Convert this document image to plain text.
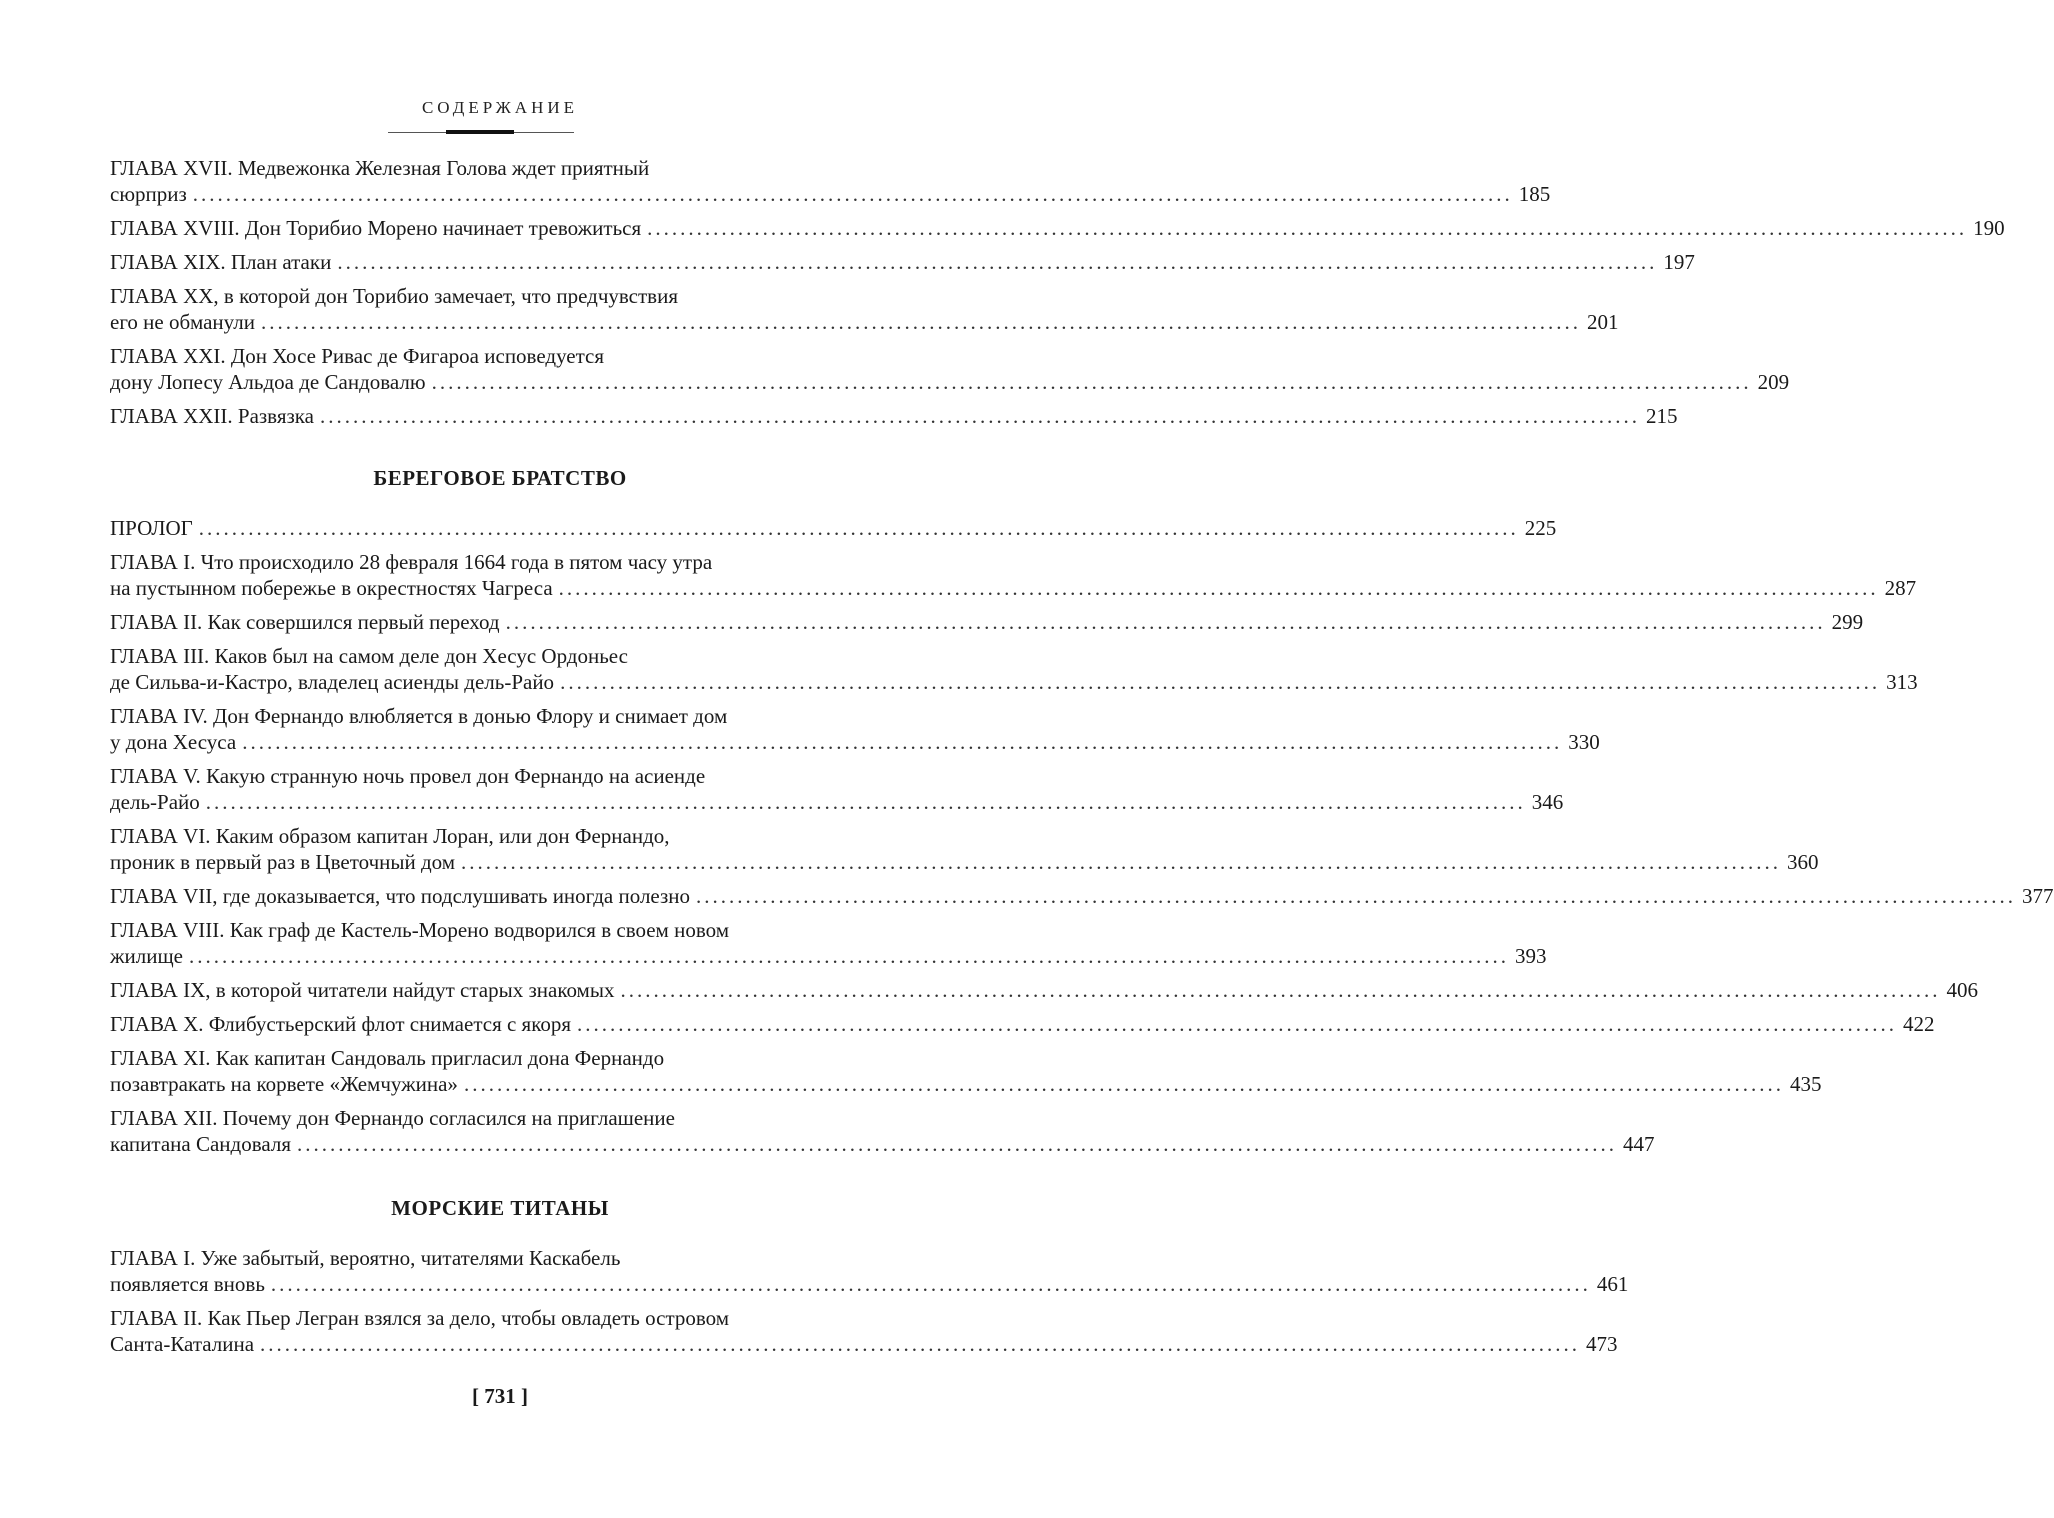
СОДЕРЖАНИЕ
ГЛАВА XVII. Медвежонка Железная Голова ждет приятный
сюрприз ................................................................................................................................................................ 185
ГЛАВА XVIII. Дон Торибио Морено начинает тревожиться ................................................................................................................................................................ 190
ГЛАВА XIX. План атаки ................................................................................................................................................................ 197
ГЛАВА XX, в которой дон Торибио замечает, что предчувствия
его не обманули ................................................................................................................................................................ 201
ГЛАВА XXI. Дон Хосе Ривас де Фигароа исповедуется
дону Лопесу Альдоа де Сандовалю ................................................................................................................................................................ 209
ГЛАВА XXII. Развязка ................................................................................................................................................................ 215
БЕРЕГОВОЕ БРАТСТВО
ПРОЛОГ ................................................................................................................................................................ 225
ГЛАВА I. Что происходило 28 февраля 1664 года в пятом часу утра
на пустынном побережье в окрестностях Чагреса ................................................................................................................................................................ 287
ГЛАВА II. Как совершился первый переход ................................................................................................................................................................ 299
ГЛАВА III. Каков был на самом деле дон Хесус Ордоньес
де Сильва-и-Кастро, владелец асиенды дель-Райо ................................................................................................................................................................ 313
ГЛАВА IV. Дон Фернандо влюбляется в донью Флору и снимает дом
у дона Хесуса ................................................................................................................................................................ 330
ГЛАВА V. Какую странную ночь провел дон Фернандо на асиенде
дель-Райо ................................................................................................................................................................ 346
ГЛАВА VI. Каким образом капитан Лоран, или дон Фернандо,
проник в первый раз в Цветочный дом ................................................................................................................................................................ 360
ГЛАВА VII, где доказывается, что подслушивать иногда полезно ................................................................................................................................................................ 377
ГЛАВА VIII. Как граф де Кастель-Морено водворился в своем новом
жилище ................................................................................................................................................................ 393
ГЛАВА IX, в которой читатели найдут старых знакомых ................................................................................................................................................................ 406
ГЛАВА X. Флибустьерский флот снимается с якоря ................................................................................................................................................................ 422
ГЛАВА XI. Как капитан Сандоваль пригласил дона Фернандо
позавтракать на корвете «Жемчужина» ................................................................................................................................................................ 435
ГЛАВА XII. Почему дон Фернандо согласился на приглашение
капитана Сандоваля ................................................................................................................................................................ 447
МОРСКИЕ ТИТАНЫ
ГЛАВА I. Уже забытый, вероятно, читателями Каскабель
появляется вновь ................................................................................................................................................................ 461
ГЛАВА II. Как Пьер Легран взялся за дело, чтобы овладеть островом
Санта-Каталина ................................................................................................................................................................ 473
[ 731 ]
